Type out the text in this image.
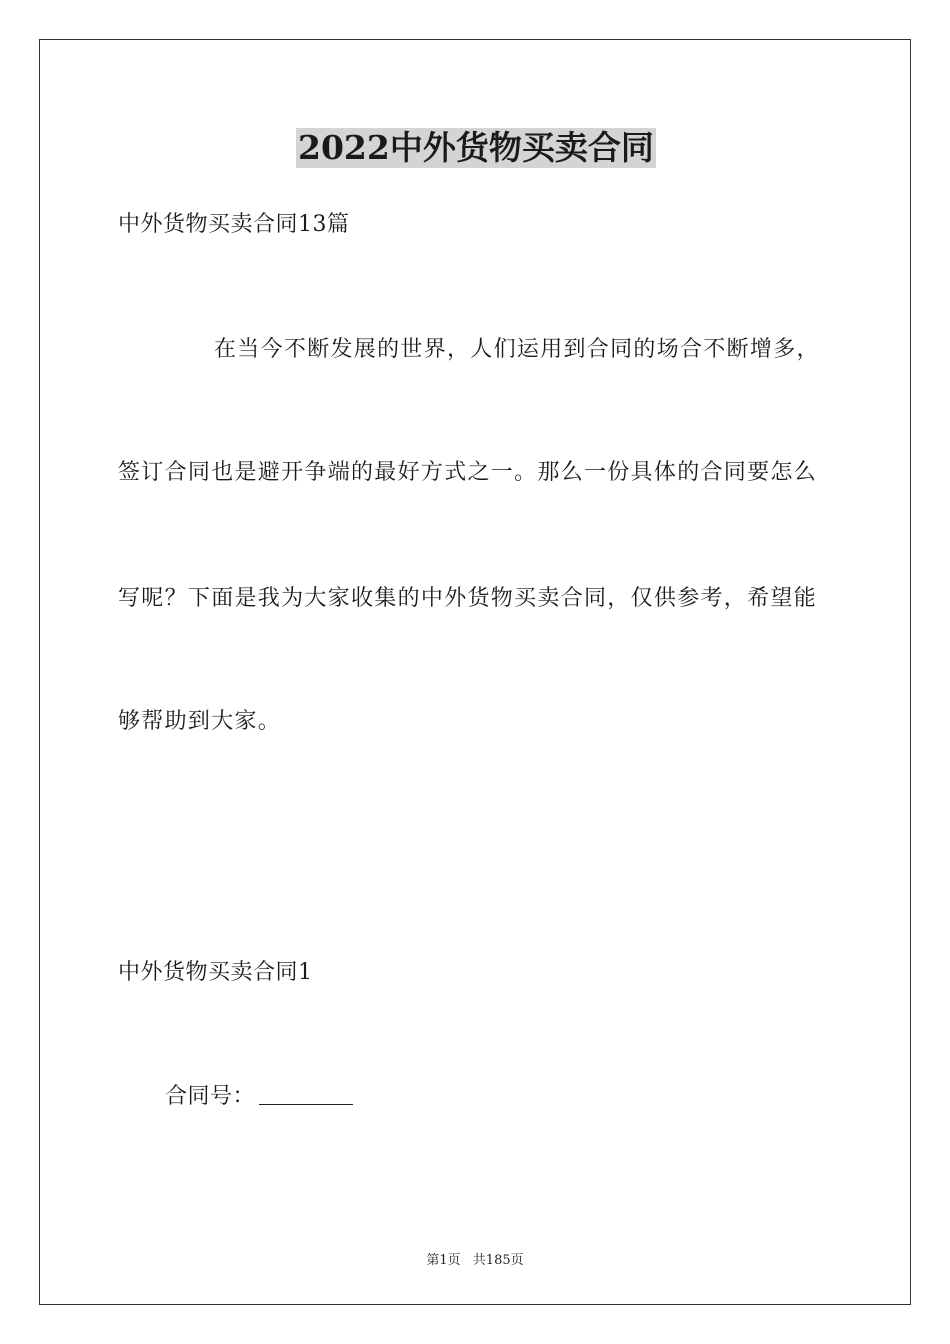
2022中外货物买卖合同
中外货物买卖合同13篇
在当今不断发展的世界，人们运用到合同的场合不断增多，
签订合同也是避开争端的最好方式之一。那么一份具体的合同要怎么
写呢？下面是我为大家收集的中外货物买卖合同，仅供参考，希望能
够帮助到大家。
中外货物买卖合同1
合同号：
第1页 共185页
